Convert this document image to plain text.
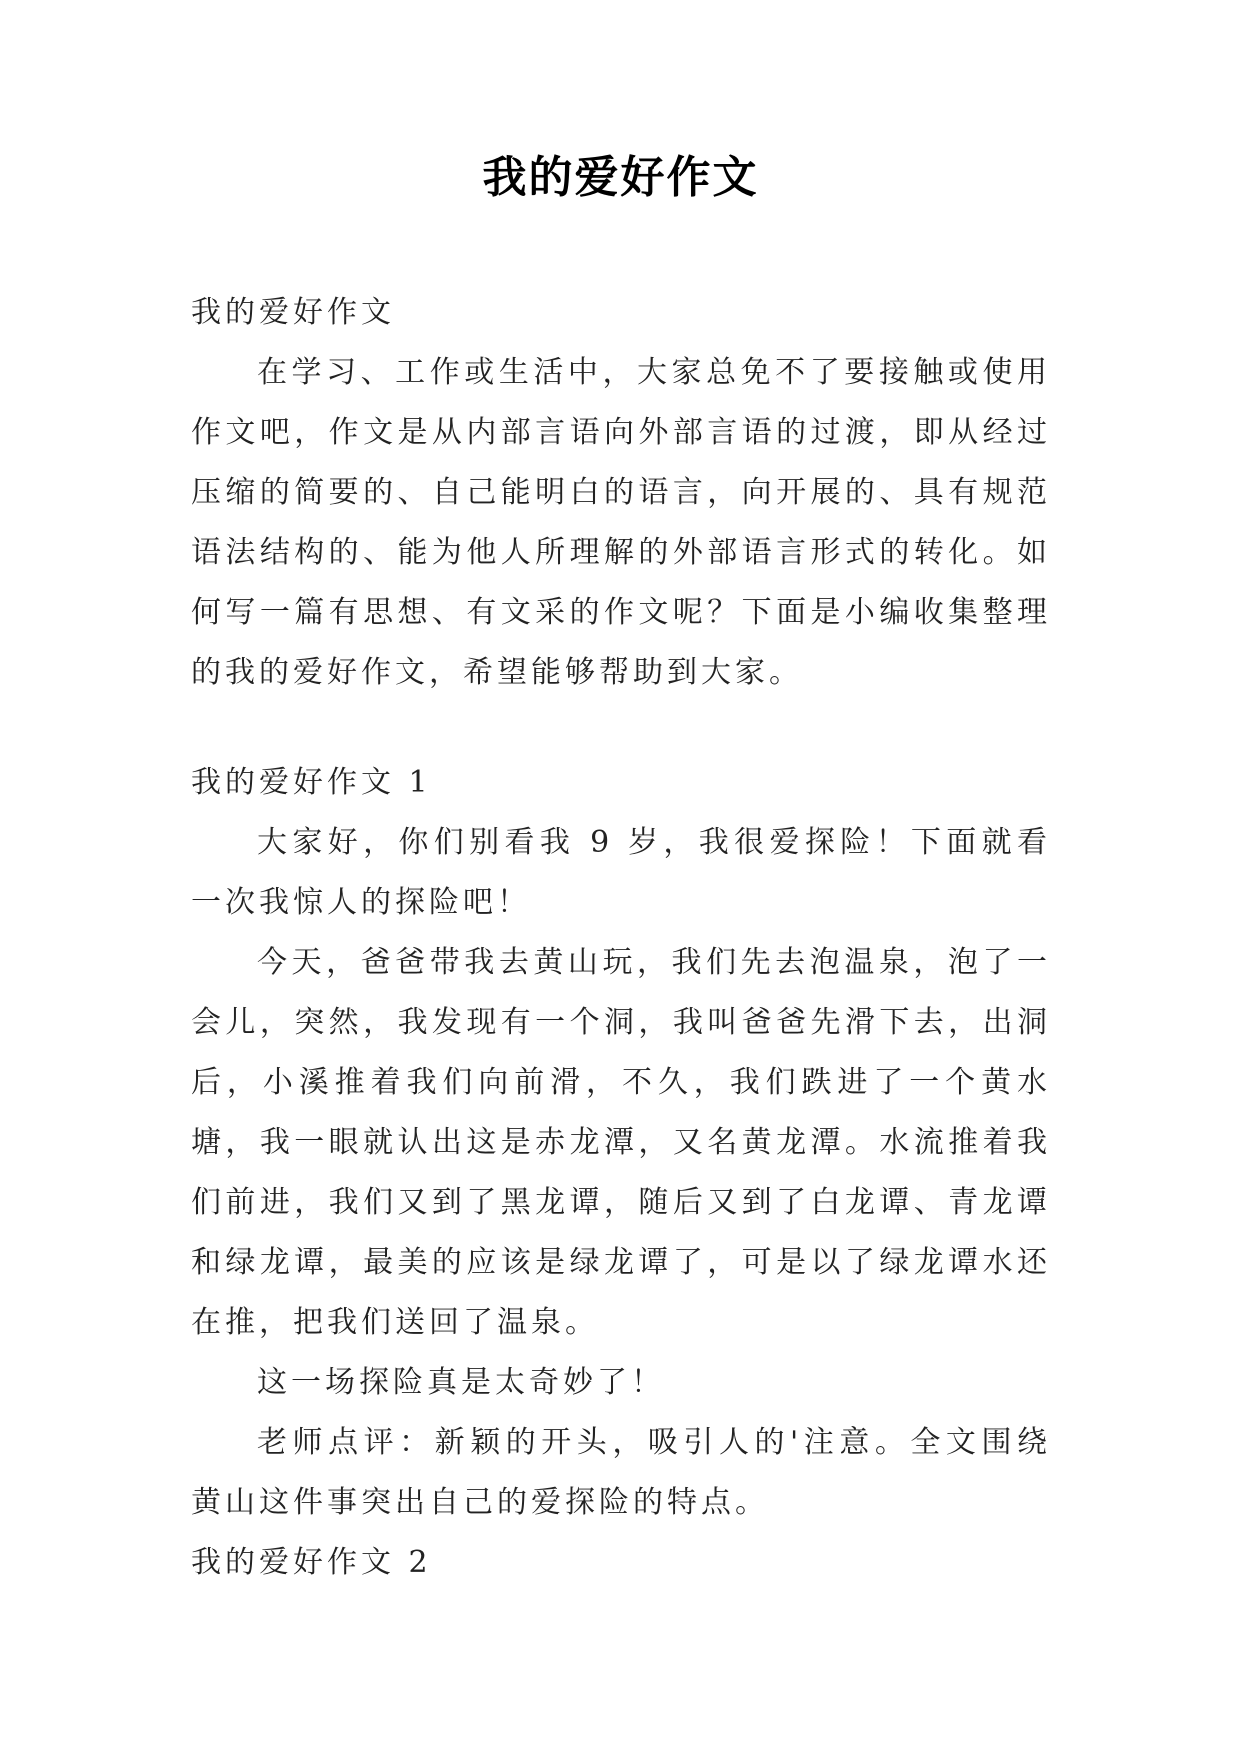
我的爱好作文

我的爱好作文

在学习、工作或生活中，大家总免不了要接触或使用作文吧，作文是从内部言语向外部言语的过渡，即从经过压缩的简要的、自己能明白的语言，向开展的、具有规范语法结构的、能为他人所理解的外部语言形式的转化。如何写一篇有思想、有文采的作文呢？下面是小编收集整理的我的爱好作文，希望能够帮助到大家。

我的爱好作文 1

大家好，你们别看我 9 岁，我很爱探险！下面就看一次我惊人的探险吧！

今天，爸爸带我去黄山玩，我们先去泡温泉，泡了一会儿，突然，我发现有一个洞，我叫爸爸先滑下去，出洞后，小溪推着我们向前滑，不久，我们跌进了一个黄水塘，我一眼就认出这是赤龙潭，又名黄龙潭。水流推着我们前进，我们又到了黑龙谭，随后又到了白龙谭、青龙谭和绿龙谭，最美的应该是绿龙谭了，可是以了绿龙谭水还在推，把我们送回了温泉。

这一场探险真是太奇妙了！

老师点评：新颖的开头，吸引人的'注意。全文围绕黄山这件事突出自己的爱探险的特点。

我的爱好作文 2
